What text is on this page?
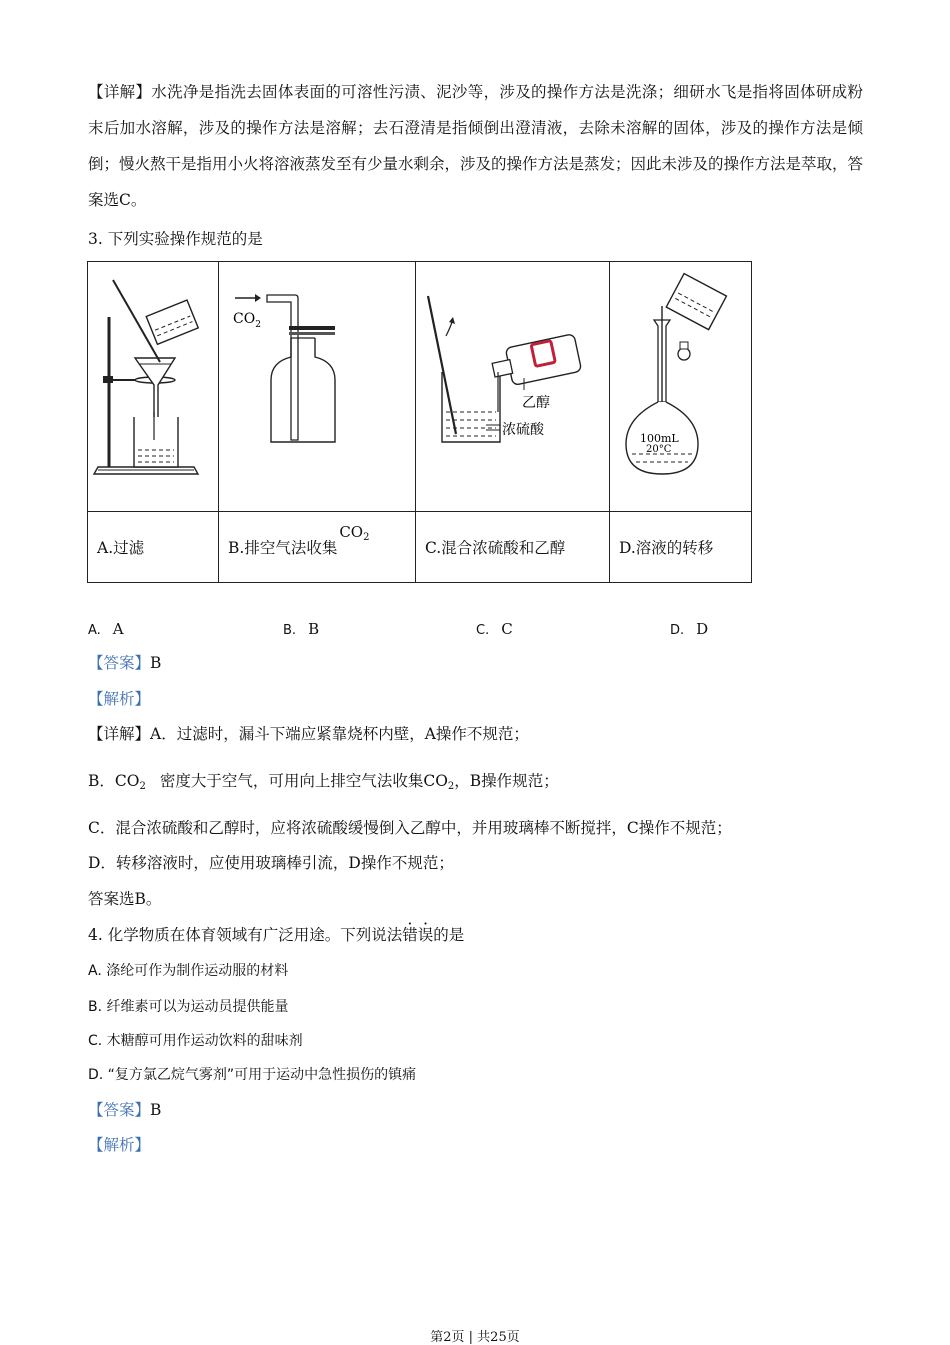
【详解】水洗净是指洗去固体表面的可溶性污渍、泥沙等，涉及的操作方法是洗涤；细研水飞是指将固体研成粉末后加水溶解，涉及的操作方法是溶解；去石澄清是指倾倒出澄清液，去除未溶解的固体，涉及的操作方法是倾倒；慢火熬干是指用小火将溶液蒸发至有少量水剩余，涉及的操作方法是蒸发；因此未涉及的操作方法是萃取，答案选C。
3. 下列实验操作规范的是

$CO_2$	乙醇
浓硫酸	100mL
20°C

A.过滤	B.排空气法收集$CO_2$	C.混合浓硫酸和乙醇	D.溶液的转移
A. A	B. B	C. C	D. D
【答案】B
【解析】
【详解】A．过滤时，漏斗下端应紧靠烧杯内壁，A操作不规范；
B．$CO_2$ 密度大于空气，可用向上排空气法收集$CO_2$，B操作规范；
C．混合浓硫酸和乙醇时，应将浓硫酸缓慢倒入乙醇中，并用玻璃棒不断搅拌，C操作不规范；
D．转移溶液时，应使用玻璃棒引流，D操作不规范；
答案选B。
4. 化学物质在体育领域有广泛用途。下列说法错误的是
A. 涤纶可作为制作运动服的材料
B. 纤维素可以为运动员提供能量
C. 木糖醇可用作运动饮料的甜味剂
D. “复方氯乙烷气雾剂”可用于运动中急性损伤的镇痛
【答案】B
【解析】
第2页 | 共25页
